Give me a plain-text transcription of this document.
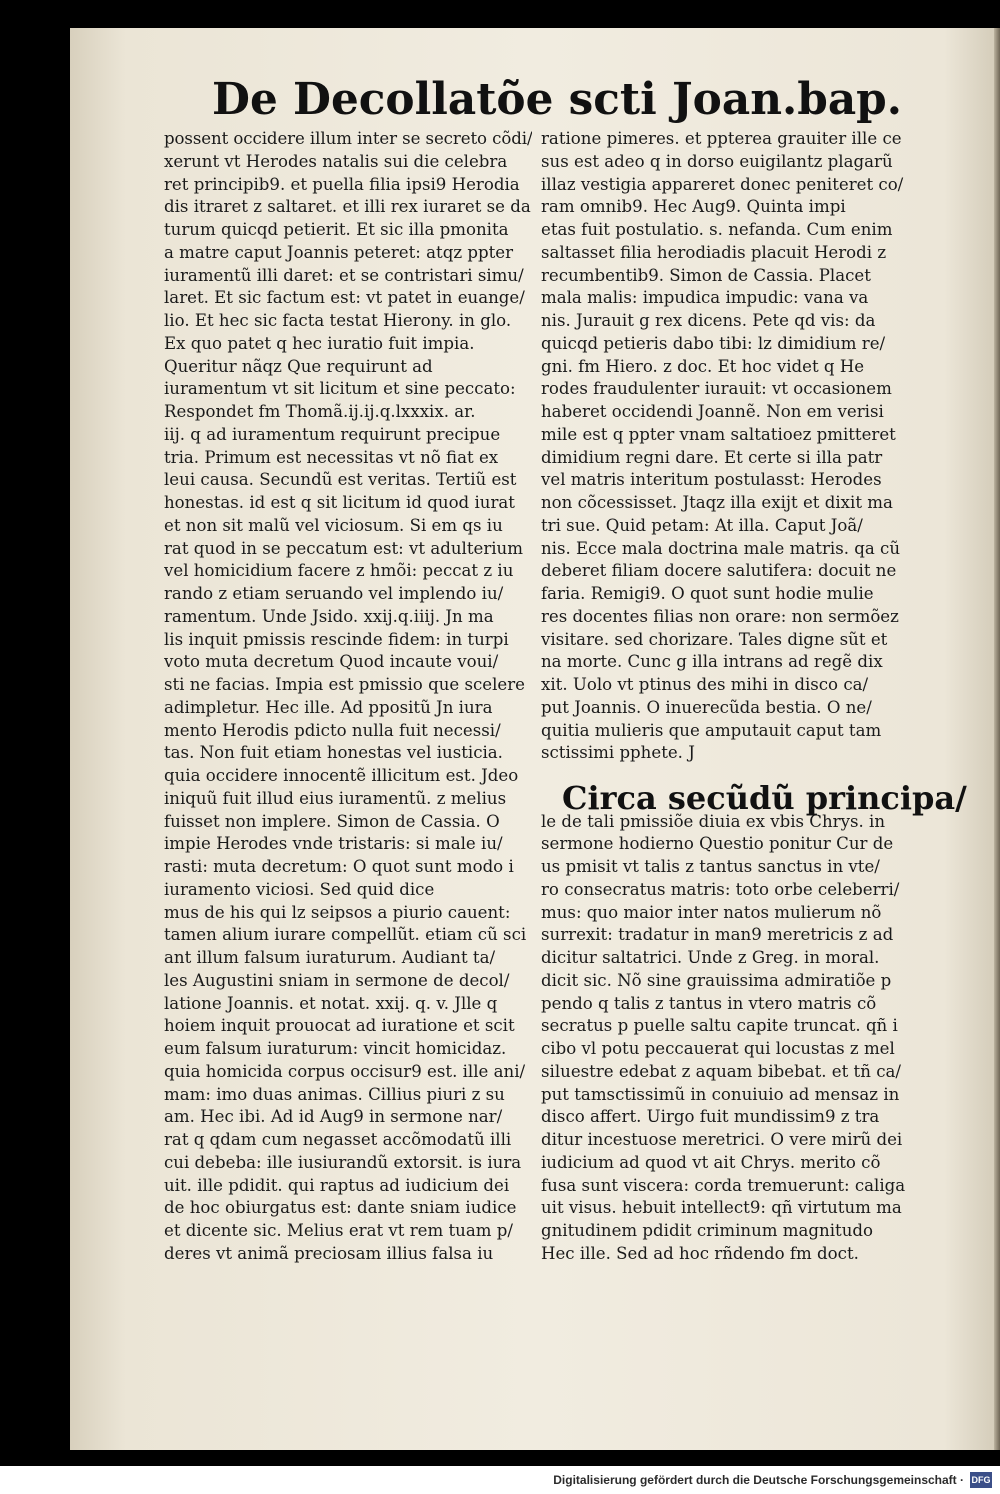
De Decollatõe scti Joan.bap.
possent occidere illum inter se secreto cõdi/
xerunt vt Herodes natalis sui die celebra
ret principib9. et puella filia ipsi9 Herodia
dis itraret z saltaret. et illi rex iuraret se da
turum quicqd petierit. Et sic illa pmonita
a matre caput Joannis peteret: atqz ppter
iuramentũ illi daret: et se contristari simu/
laret. Et sic factum est: vt patet in euange/
lio. Et hec sic facta testat Hierony. in glo.
Ex quo patet q hec iuratio fuit impia.
Queritur nãqz Que requirunt ad
iuramentum vt sit licitum et sine peccato:
Respondet fm Thomã.ij.ij.q.lxxxix. ar.
iij. q ad iuramentum requirunt precipue
tria. Primum est necessitas vt nõ fiat ex
leui causa. Secundũ est veritas. Tertiũ est
honestas. id est q sit licitum id quod iurat
et non sit malũ vel viciosum. Si em qs iu
rat quod in se peccatum est: vt adulterium
vel homicidium facere z hmõi: peccat z iu
rando z etiam seruando vel implendo iu/
ramentum. Unde Jsido. xxij.q.iiij. Jn ma
lis inquit pmissis rescinde fidem: in turpi
voto muta decretum Quod incaute voui/
sti ne facias. Impia est pmissio que scelere
adimpletur. Hec ille. Ad ppositũ Jn iura
mento Herodis pdicto nulla fuit necessi/
tas. Non fuit etiam honestas vel iusticia.
quia occidere innocentẽ illicitum est. Jdeo
iniquũ fuit illud eius iuramentũ. z melius
fuisset non implere. Simon de Cassia. O
impie Herodes vnde tristaris: si male iu/
rasti: muta decretum: O quot sunt modo i
iuramento viciosi. Sed quid dice
mus de his qui lz seipsos a piurio cauent:
tamen alium iurare compellũt. etiam cũ sci
ant illum falsum iuraturum. Audiant ta/
les Augustini sniam in sermone de decol/
latione Joannis. et notat. xxij. q. v. Jlle q
hoiem inquit prouocat ad iuratione et scit
eum falsum iuraturum: vincit homicidaz.
quia homicida corpus occisur9 est. ille ani/
mam: imo duas animas. Cillius piuri z su
am. Hec ibi. Ad id Aug9 in sermone nar/
rat q qdam cum negasset accõmodatũ illi
cui debeba: ille iusiurandũ extorsit. is iura
uit. ille pdidit. qui raptus ad iudicium dei
de hoc obiurgatus est: dante sniam iudice
et dicente sic. Melius erat vt rem tuam p/
deres vt animã preciosam illius falsa iu
ratione pimeres. et ppterea grauiter ille ce
sus est adeo q in dorso euigilantz plagarũ
illaz vestigia appareret donec peniteret co/
ram omnib9. Hec Aug9. Quinta impi
etas fuit postulatio. s. nefanda. Cum enim
saltasset filia herodiadis placuit Herodi z
recumbentib9. Simon de Cassia. Placet
mala malis: impudica impudic: vana va
nis. Jurauit g rex dicens. Pete qd vis: da
quicqd petieris dabo tibi: lz dimidium re/
gni. fm Hiero. z doc. Et hoc videt q He
rodes fraudulenter iurauit: vt occasionem
haberet occidendi Joannẽ. Non em verisi
mile est q ppter vnam saltatioez pmitteret
dimidium regni dare. Et certe si illa patr
vel matris interitum postulasst: Herodes
non cõcessisset. Jtaqz illa exijt et dixit ma
tri sue. Quid petam: At illa. Caput Joã/
nis. Ecce mala doctrina male matris. qa cũ
deberet filiam docere salutifera: docuit ne
faria. Remigi9. O quot sunt hodie mulie
res docentes filias non orare: non sermõez
visitare. sed chorizare. Tales digne sũt et
na morte. Cunc g illa intrans ad regẽ dix
xit. Uolo vt ptinus des mihi in disco ca/
put Joannis. O inuerecũda bestia. O ne/
quitia mulieris que amputauit caput tam
sctissimi pphete. J
le de tali pmissiõe diuia ex vbis Chrys. in
sermone hodierno Questio ponitur Cur de
us pmisit vt talis z tantus sanctus in vte/
ro consecratus matris: toto orbe celeberri/
mus: quo maior inter natos mulierum nõ
surrexit: tradatur in man9 meretricis z ad
dicitur saltatrici. Unde z Greg. in moral.
dicit sic. Nõ sine grauissima admiratiõe p
pendo q talis z tantus in vtero matris cõ
secratus p puelle saltu capite truncat. qñ i
cibo vl potu peccauerat qui locustas z mel
siluestre edebat z aquam bibebat. et tñ ca/
put tamsctissimũ in conuiuio ad mensaz in
disco affert. Uirgo fuit mundissim9 z tra
ditur incestuose meretrici. O vere mirũ dei
iudicium ad quod vt ait Chrys. merito cõ
fusa sunt viscera: corda tremuerunt: caliga
uit visus. hebuit intellect9: qñ virtutum ma
gnitudinem pdidit criminum magnitudo
Hec ille. Sed ad hoc rñdendo fm doct.
Circa secũdũ principa/
Digitalisierung gefördert durch die Deutsche Forschungsgemeinschaft · DFG
